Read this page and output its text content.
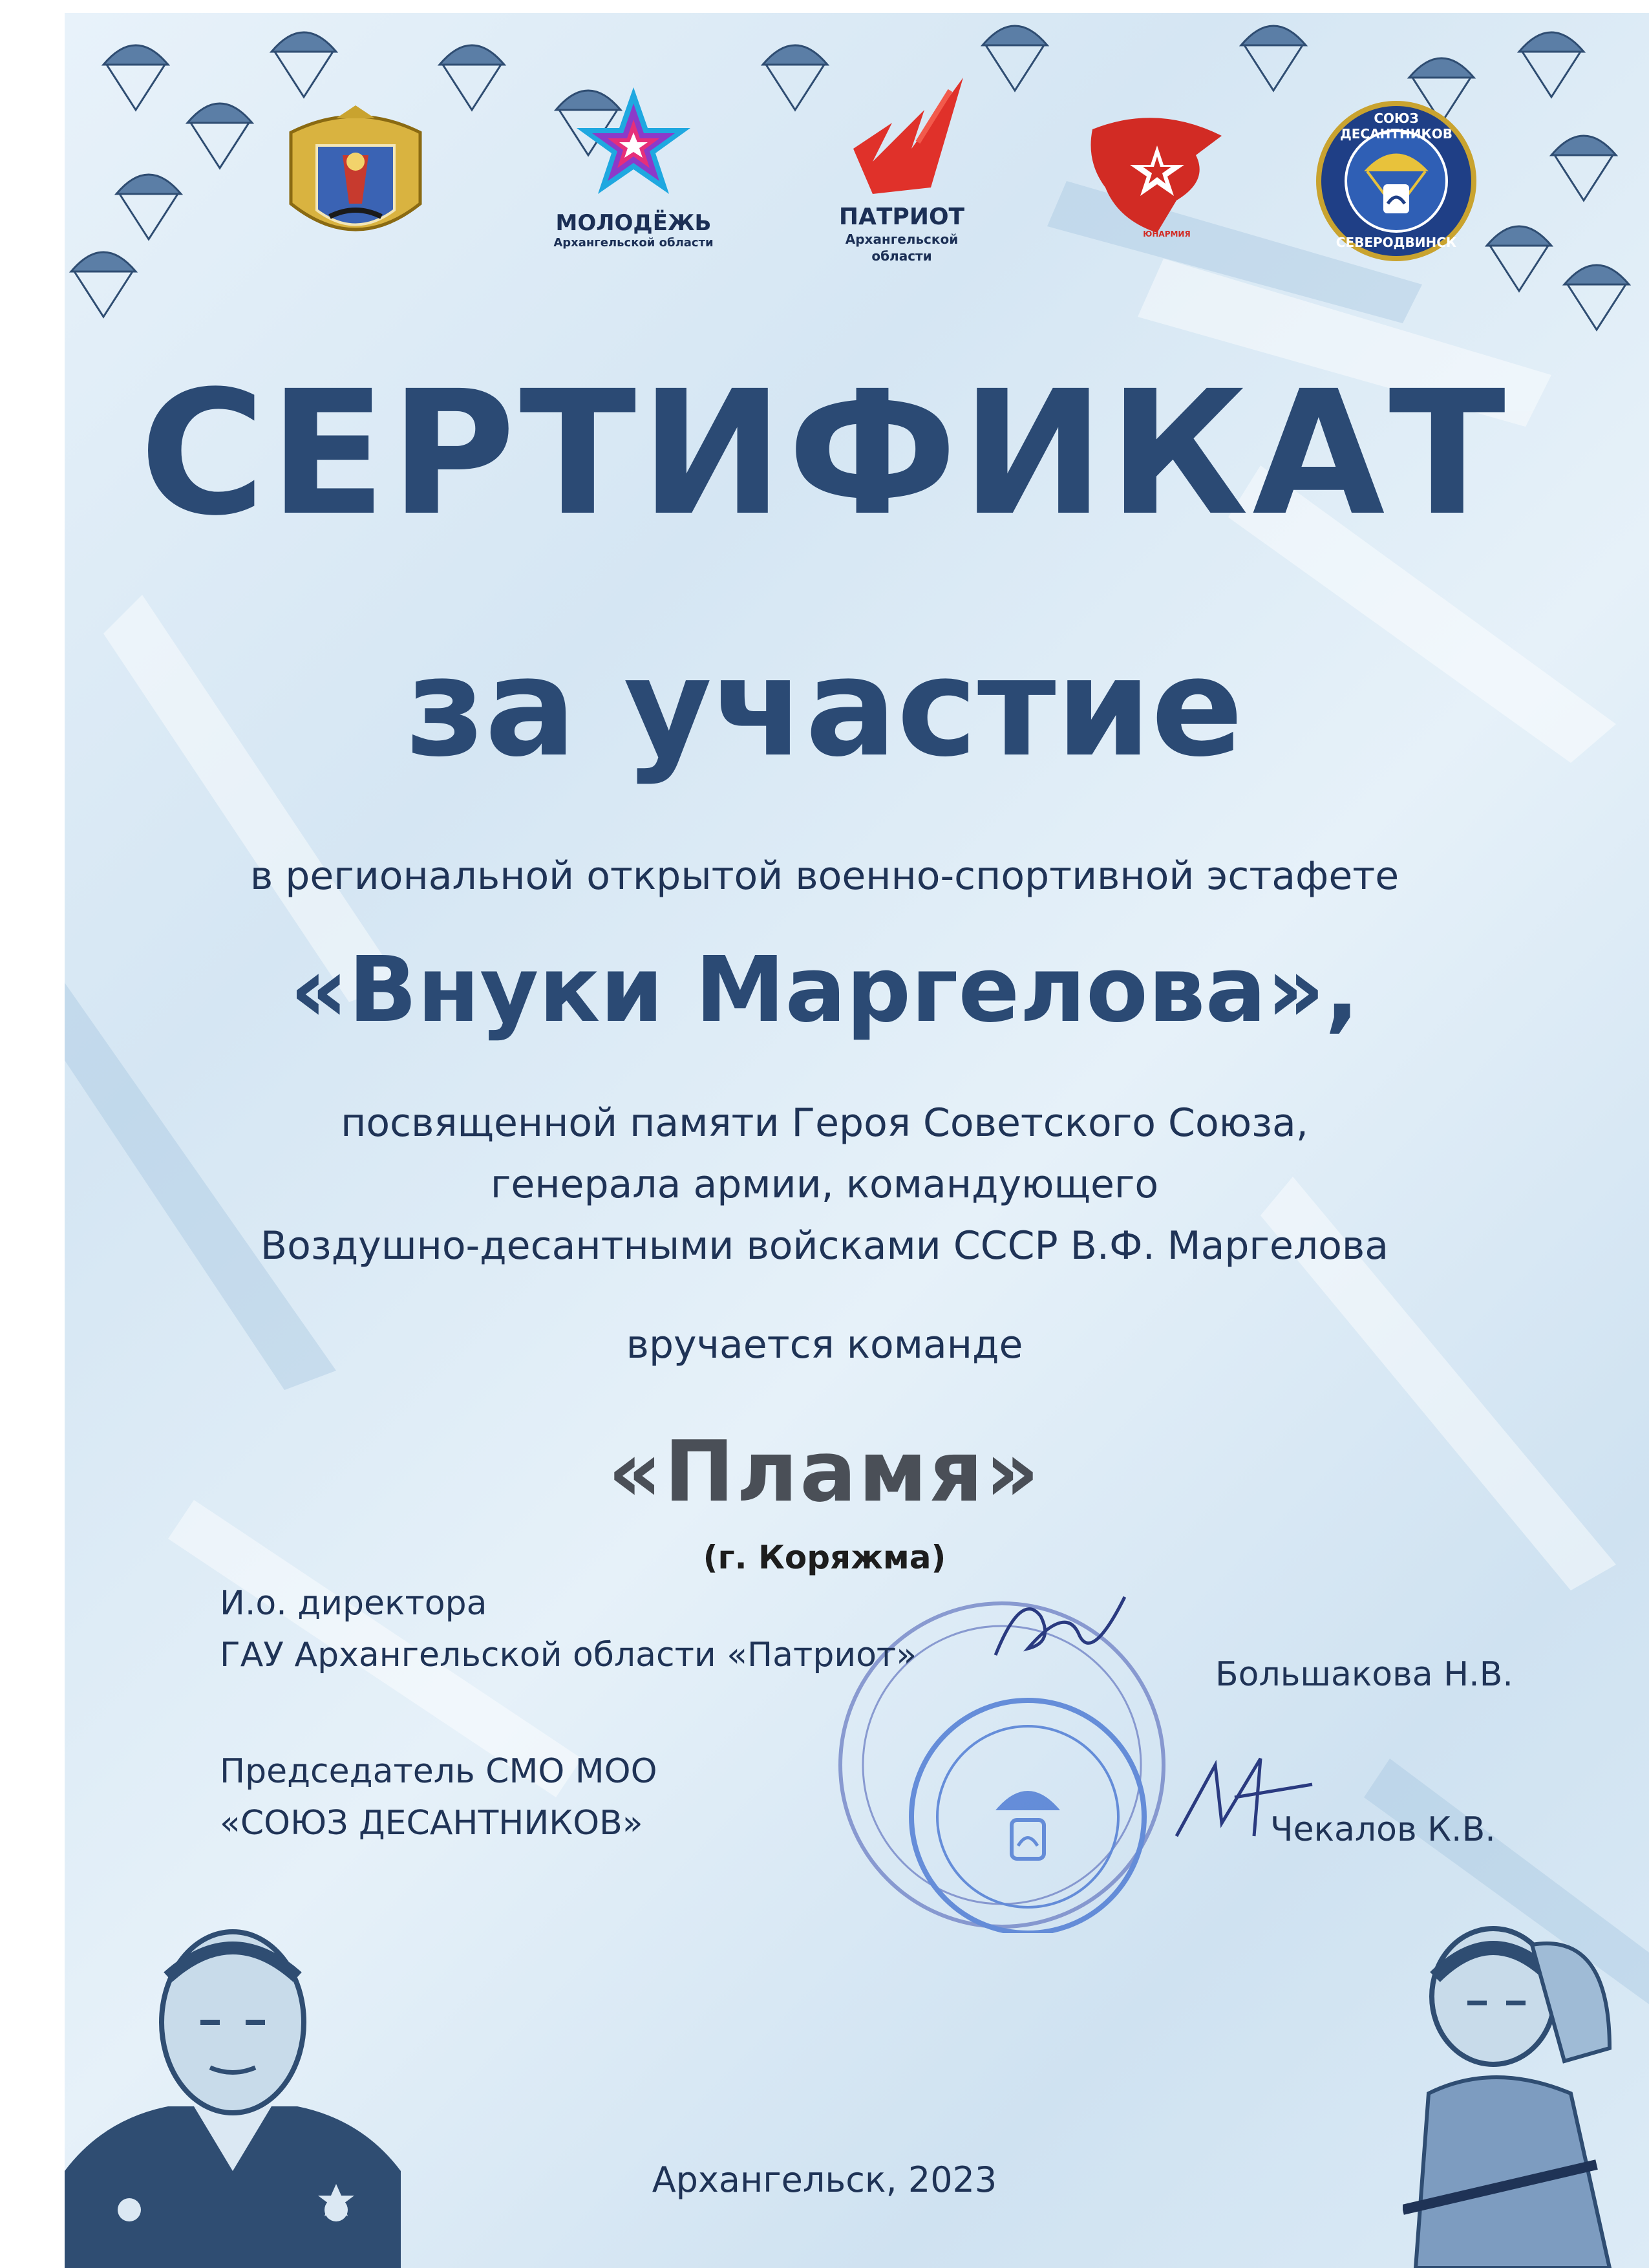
МОЛОДЁЖЬ
Архангельской области
ПАТРИОТ
Архангельской
области
ЮНАРМИЯ
СОЮЗ ДЕСАНТНИКОВ
СЕВЕРОДВИНСК
СЕРТИФИКАТ
за участие
в региональной открытой военно-спортивной эстафете
«Внуки Маргелова»,
посвященной памяти Героя Советского Союза,
генерала армии, командующего
Воздушно-десантными войсками СССР В.Ф. Маргелова
вручается команде
«Пламя»
(г. Коряжма)
И.о. директора
ГАУ Архангельской области «Патриот»	Большакова Н.В.
Председатель СМО МОО
«СОЮЗ ДЕСАНТНИКОВ»	Чекалов К.В.
Архангельск, 2023
